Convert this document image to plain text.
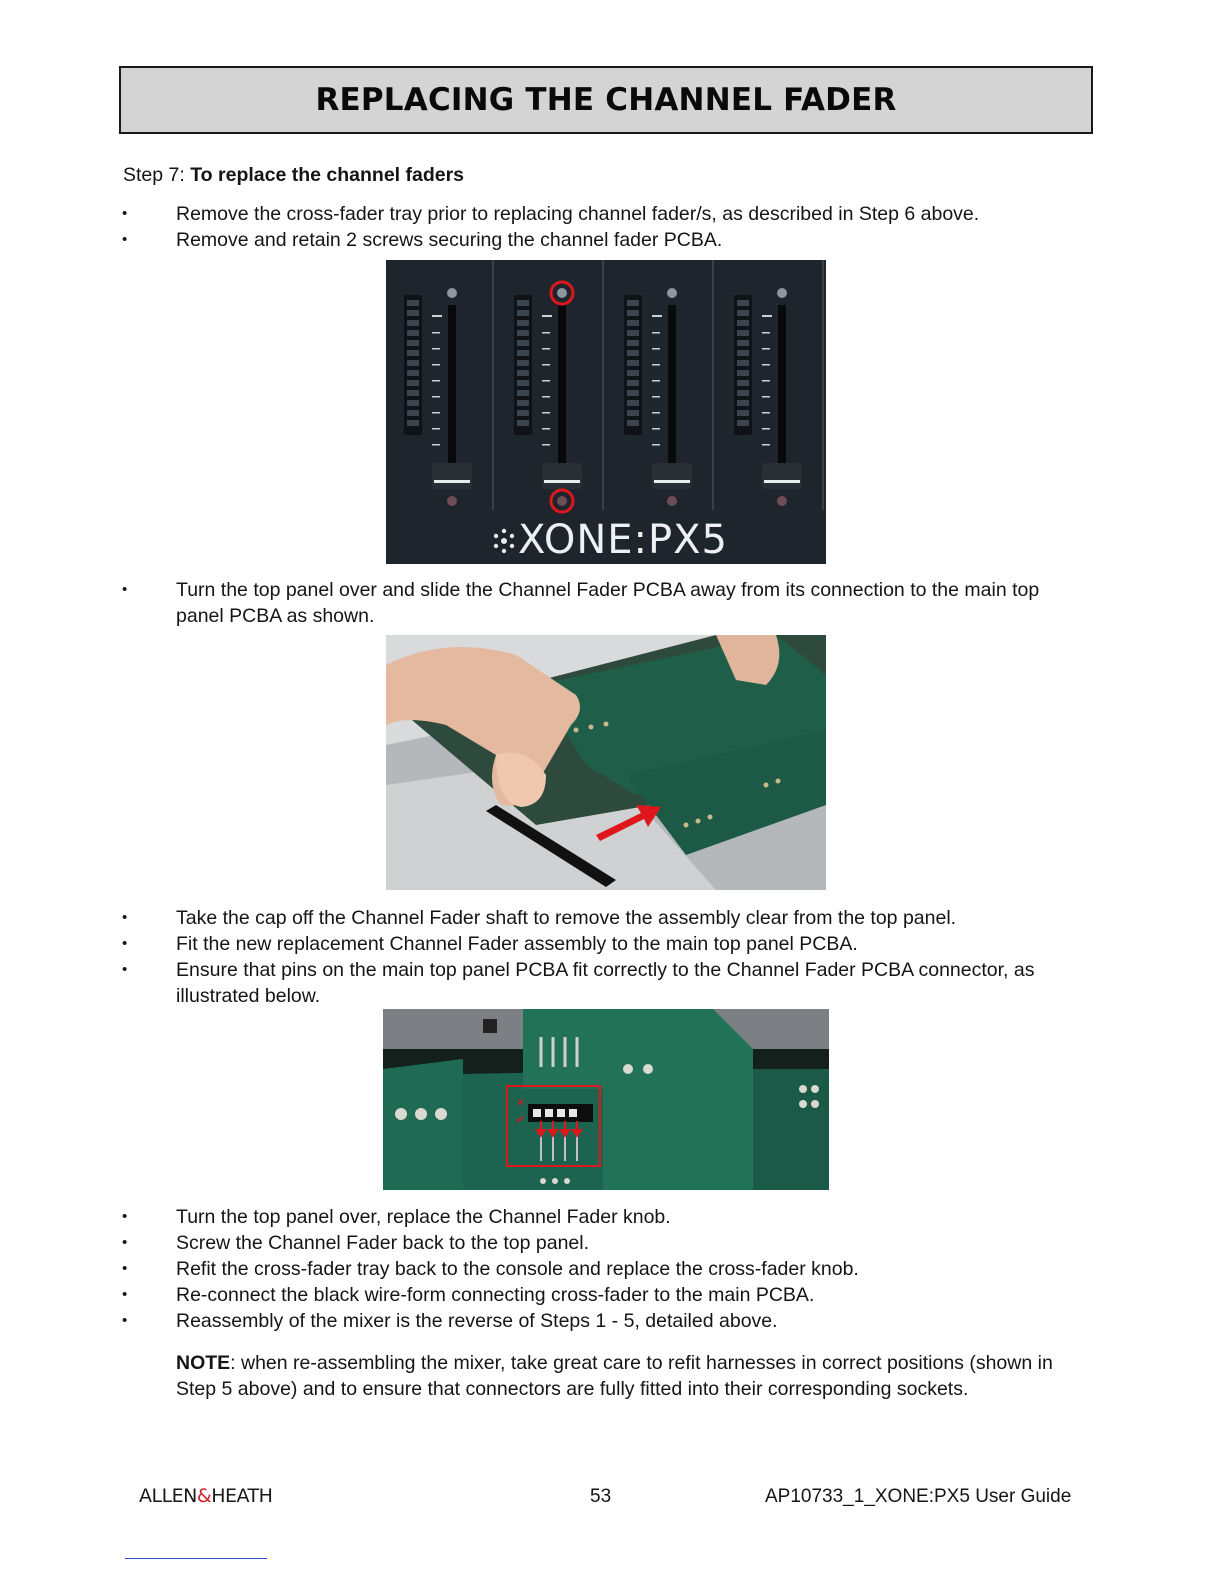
REPLACING THE CHANNEL FADER
Step 7: To replace the channel faders
• Remove the cross-fader tray prior to replacing channel fader/s, as described in Step 6 above.
• Remove and retain 2 screws securing the channel fader PCBA.
XONE:PX5
• Turn the top panel over and slide the Channel Fader PCBA away from its connection to the main top panel PCBA as shown.
• Take the cap off the Channel Fader shaft to remove the assembly clear from the top panel.
• Fit the new replacement Channel Fader assembly to the main top panel PCBA.
• Ensure that pins on the main top panel PCBA fit correctly to the Channel Fader PCBA connector, as illustrated below.
✕
✔
• Turn the top panel over, replace the Channel Fader knob.
• Screw the Channel Fader back to the top panel.
• Refit the cross-fader tray back to the console and replace the cross-fader knob.
• Re-connect the black wire-form connecting cross-fader to the main PCBA.
• Reassembly of the mixer is the reverse of Steps 1 - 5, detailed above.
NOTE: when re-assembling the mixer, take great care to refit harnesses in correct positions (shown in Step 5 above) and to ensure that connectors are fully fitted into their corresponding sockets.
ALLEN&HEATH	53	AP10733_1_XONE:PX5 User Guide
